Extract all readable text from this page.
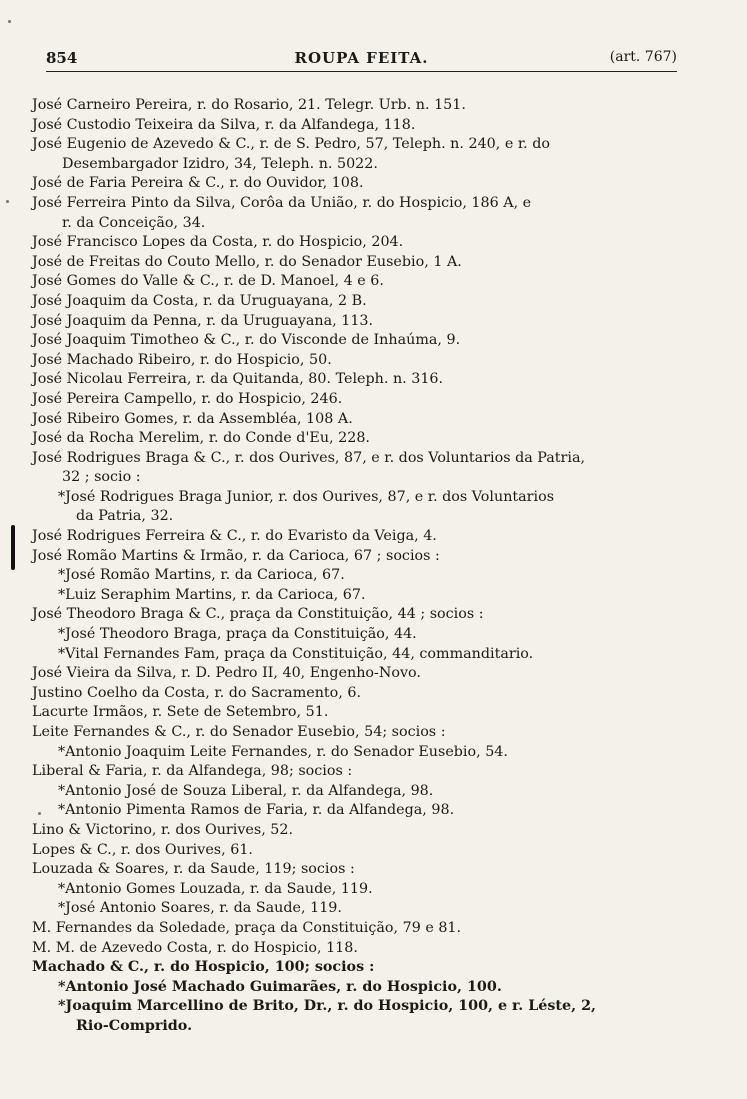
854	ROUPA FEITA.	(art. 767)
José Carneiro Pereira, r. do Rosario, 21. Telegr. Urb. n. 151.
José Custodio Teixeira da Silva, r. da Alfandega, 118.
José Eugenio de Azevedo & C., r. de S. Pedro, 57, Teleph. n. 240, e r. do
Desembargador Izidro, 34, Teleph. n. 5022.
José de Faria Pereira & C., r. do Ouvidor, 108.
José Ferreira Pinto da Silva, Corôa da União, r. do Hospicio, 186 A, e
r. da Conceição, 34.
José Francisco Lopes da Costa, r. do Hospicio, 204.
José de Freitas do Couto Mello, r. do Senador Eusebio, 1 A.
José Gomes do Valle & C., r. de D. Manoel, 4 e 6.
José Joaquim da Costa, r. da Uruguayana, 2 B.
José Joaquim da Penna, r. da Uruguayana, 113.
José Joaquim Timotheo & C., r. do Visconde de Inhaúma, 9.
José Machado Ribeiro, r. do Hospicio, 50.
José Nicolau Ferreira, r. da Quitanda, 80. Teleph. n. 316.
José Pereira Campello, r. do Hospicio, 246.
José Ribeiro Gomes, r. da Assembléa, 108 A.
José da Rocha Merelim, r. do Conde d'Eu, 228.
José Rodrigues Braga & C., r. dos Ourives, 87, e r. dos Voluntarios da Patria,
32 ; socio :
*José Rodrigues Braga Junior, r. dos Ourives, 87, e r. dos Voluntarios
da Patria, 32.
José Rodrigues Ferreira & C., r. do Evaristo da Veiga, 4.
José Romão Martins & Irmão, r. da Carioca, 67 ; socios :
*José Romão Martins, r. da Carioca, 67.
*Luiz Seraphim Martins, r. da Carioca, 67.
José Theodoro Braga & C., praça da Constituição, 44 ; socios :
*José Theodoro Braga, praça da Constituição, 44.
*Vital Fernandes Fam, praça da Constituição, 44, commanditario.
José Vieira da Silva, r. D. Pedro II, 40, Engenho-Novo.
Justino Coelho da Costa, r. do Sacramento, 6.
Lacurte Irmãos, r. Sete de Setembro, 51.
Leite Fernandes & C., r. do Senador Eusebio, 54; socios :
*Antonio Joaquim Leite Fernandes, r. do Senador Eusebio, 54.
Liberal & Faria, r. da Alfandega, 98; socios :
*Antonio José de Souza Liberal, r. da Alfandega, 98.
*Antonio Pimenta Ramos de Faria, r. da Alfandega, 98.
Lino & Victorino, r. dos Ourives, 52.
Lopes & C., r. dos Ourives, 61.
Louzada & Soares, r. da Saude, 119; socios :
*Antonio Gomes Louzada, r. da Saude, 119.
*José Antonio Soares, r. da Saude, 119.
M. Fernandes da Soledade, praça da Constituição, 79 e 81.
M. M. de Azevedo Costa, r. do Hospicio, 118.
Machado & C., r. do Hospicio, 100; socios :
*Antonio José Machado Guimarães, r. do Hospicio, 100.
*Joaquim Marcellino de Brito, Dr., r. do Hospicio, 100, e r. Léste, 2,
Rio-Comprido.
